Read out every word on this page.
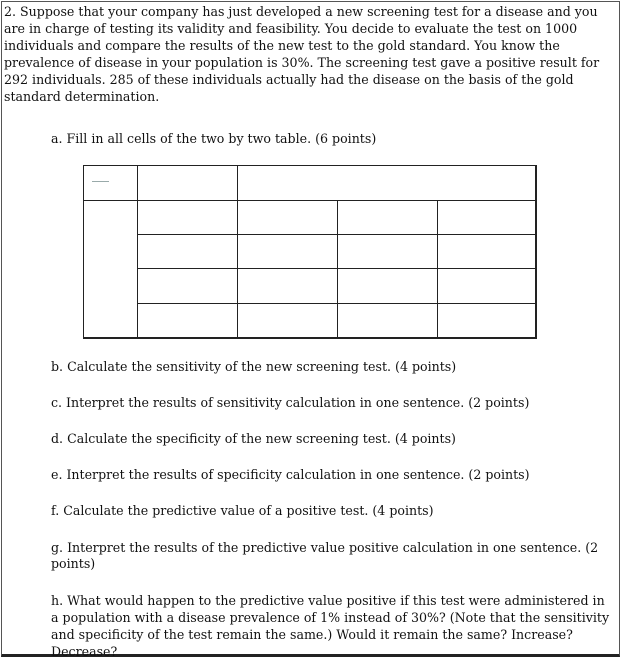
2. Suppose that your company has just developed a new screening test for a disease and you are in charge of testing its validity and feasibility. You decide to evaluate the test on 1000 individuals and compare the results of the new test to the gold standard. You know the prevalence of disease in your population is 30%. The screening test gave a positive result for 292 individuals. 285 of these individuals actually had the disease on the basis of the gold standard determination.

a. Fill in all cells of the two by two table. (6 points)

b. Calculate the sensitivity of the new screening test. (4 points)

c. Interpret the results of sensitivity calculation in one sentence. (2 points)

d. Calculate the specificity of the new screening test. (4 points)

e. Interpret the results of specificity calculation in one sentence. (2 points)

f. Calculate the predictive value of a positive test. (4 points)

g. Interpret the results of the predictive value positive calculation in one sentence. (2 points)

h. What would happen to the predictive value positive if this test were administered in a population with a disease prevalence of 1% instead of 30%? (Note that the sensitivity and specificity of the test remain the same.) Would it remain the same? Increase? Decrease?
